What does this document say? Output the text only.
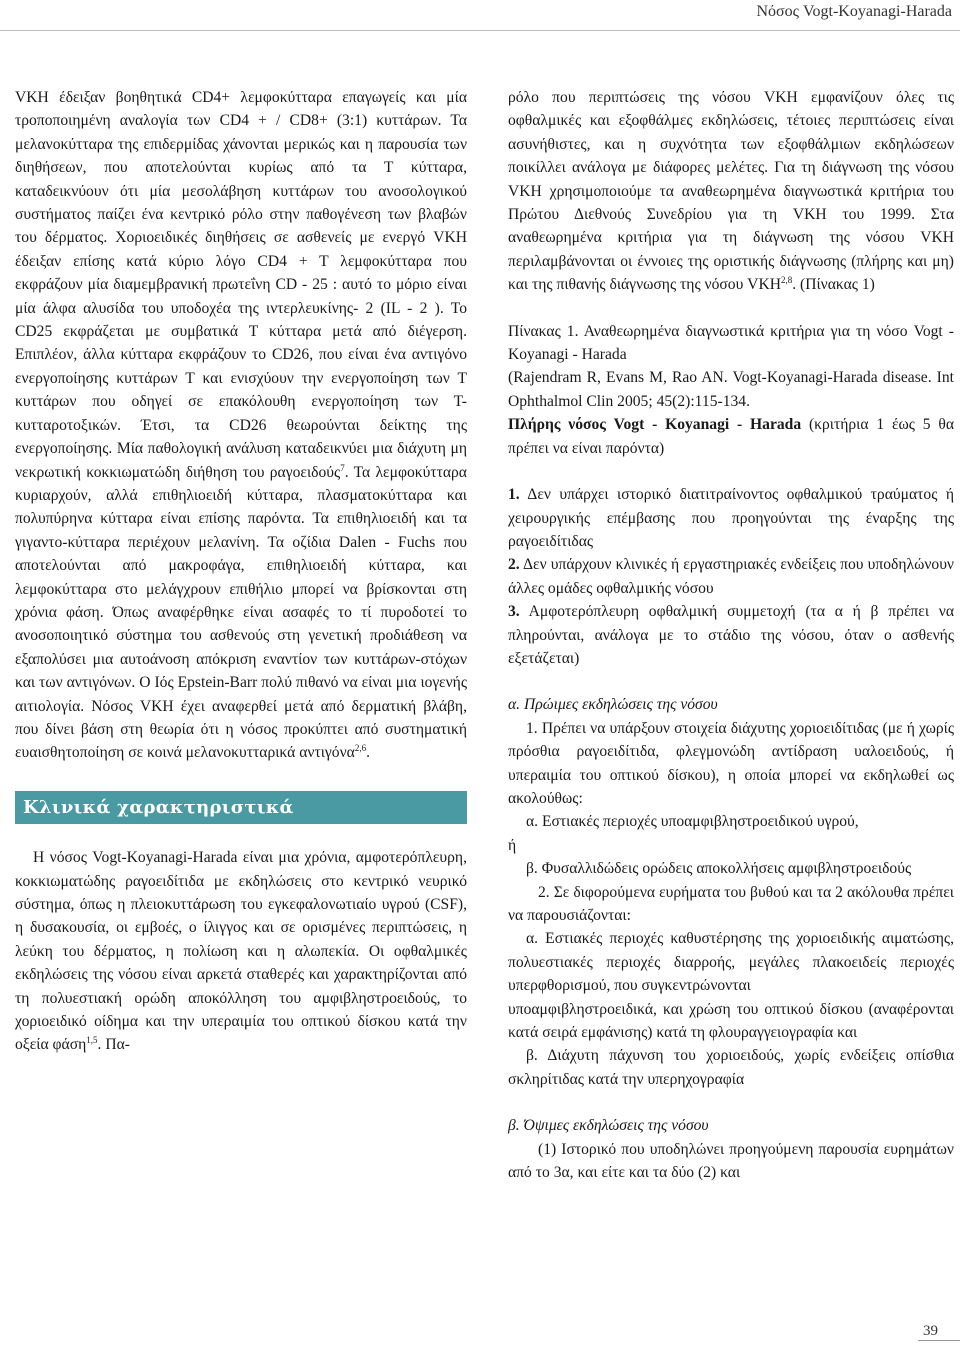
Νόσος Vogt-Koyanagi-Harada

VKH έδειξαν βοηθητικά CD4+ λεμφοκύτταρα επαγωγείς και μία τροποποιημένη αναλογία των CD4 + / CD8+ (3:1) κυττάρων. Τα μελανοκύτταρα της επιδερμίδας χάνονται μερικώς και η παρουσία των διηθήσεων, που αποτελούνται κυρίως από τα Τ κύτταρα, καταδεικνύουν ότι μία μεσολάβηση κυττάρων του ανοσολογικού συστήματος παίζει ένα κεντρικό ρόλο στην παθογένεση των βλαβών του δέρματος. Χοριοειδικές διηθήσεις σε ασθενείς με ενεργό VKH έδειξαν επίσης κατά κύριο λόγο CD4 + T λεμφοκύτταρα που εκφράζουν μία διαμεμβρανική πρωτεΐνη CD - 25 : αυτό το μόριο είναι μία άλφα αλυσίδα του υποδοχέα της ιντερλευκίνης- 2 (IL - 2 ). Το CD25 εκφράζεται με συμβατικά Τ κύτταρα μετά από διέγερση. Επιπλέον, άλλα κύτταρα εκφράζουν το CD26, που είναι ένα αντιγόνο ενεργοποίησης κυττάρων Τ και ενισχύουν την ενεργοποίηση των Τ κυττάρων που οδηγεί σε επακόλουθη ενεργοποίηση των Τ-κυτταροτοξικών. Έτσι, τα CD26 θεωρούνται δείκτης της ενεργοποίησης. Μία παθολογική ανάλυση καταδεικνύει μια διάχυτη μη νεκρωτική κοκκιωματώδη διήθηση του ραγοειδούς$^7$. Τα λεμφοκύτταρα κυριαρχούν, αλλά επιθηλιοειδή κύτταρα, πλασματοκύτταρα και πολυπύρηνα κύτταρα είναι επίσης παρόντα. Τα επιθηλιοειδή και τα γιγαντο-κύτταρα περιέχουν μελανίνη. Τα οζίδια Dalen - Fuchs που αποτελούνται από μακροφάγα, επιθηλιοειδή κύτταρα, και λεμφοκύτταρα στο μελάγχρουν επιθήλιο μπορεί να βρίσκονται στη χρόνια φάση. Όπως αναφέρθηκε είναι ασαφές το τί πυροδοτεί το ανοσοποιητικό σύστημα του ασθενούς στη γενετική προδιάθεση να εξαπολύσει μια αυτοάνοση απόκριση εναντίον των κυττάρων-στόχων και των αντιγόνων. Ο Ιός Epstein-Barr πολύ πιθανό να είναι μια ιογενής αιτιολογία. Νόσος VKH έχει αναφερθεί μετά από δερματική βλάβη, που δίνει βάση στη θεωρία ότι η νόσος προκύπτει από συστηματική ευαισθητοποίηση σε κοινά μελανοκυτταρικά αντιγόνα$^{2,6}$.

Κλινικά χαρακτηριστικά

Η νόσος Vogt-Koyanagi-Harada είναι μια χρόνια, αμφοτερόπλευρη, κοκκιωματώδης ραγοειδίτιδα με εκδηλώσεις στο κεντρικό νευρικό σύστημα, όπως η πλειοκυττάρωση του εγκεφαλονωτιαίο υγρού (CSF), η δυσακουσία, οι εμβοές, ο ίλιγγος και σε ορισμένες περιπτώσεις, η λεύκη του δέρματος, η πολίωση και η αλωπεκία. Οι οφθαλμικές εκδηλώσεις της νόσου είναι αρκετά σταθερές και χαρακτηρίζονται από τη πολυεστιακή ορώδη αποκόλληση του αμφιβληστροειδούς, το χοριοειδικό οίδημα και την υπεραιμία του οπτικού δίσκου κατά την οξεία φάση$^{1,5}$. Πα-

ρόλο που περιπτώσεις της νόσου VKH εμφανίζουν όλες τις οφθαλμικές και εξοφθάλμες εκδηλώσεις, τέτοιες περιπτώσεις είναι ασυνήθιστες, και η συχνότητα των εξοφθάλμιων εκδηλώσεων ποικίλλει ανάλογα με διάφορες μελέτες. Για τη διάγνωση της νόσου VKH χρησιμοποιούμε τα αναθεωρημένα διαγνωστικά κριτήρια του Πρώτου Διεθνούς Συνεδρίου για τη VKH του 1999. Στα αναθεωρημένα κριτήρια για τη διάγνωση της νόσου VKH περιλαμβάνονται οι έννοιες της οριστικής διάγνωσης (πλήρης και μη) και της πιθανής διάγνωσης της νόσου VKH$^{2,8}$. (Πίνακας 1)

Πίνακας 1. Αναθεωρημένα διαγνωστικά κριτήρια για τη νόσο Vogt - Koyanagi - Harada

(Rajendram R, Evans M, Rao AN. Vogt-Koyanagi-Harada disease. Int Ophthalmol Clin 2005; 45(2):115-134.

Πλήρης νόσος Vogt - Koyanagi - Harada (κριτήρια 1 έως 5 θα πρέπει να είναι παρόντα)

1. Δεν υπάρχει ιστορικό διατιτραίνοντος οφθαλμικού τραύματος ή χειρουργικής επέμβασης που προηγούνται της έναρξης της ραγοειδίτιδας

2. Δεν υπάρχουν κλινικές ή εργαστηριακές ενδείξεις που υποδηλώνουν άλλες ομάδες οφθαλμικής νόσου

3. Αμφοτερόπλευρη οφθαλμική συμμετοχή (τα α ή β πρέπει να πληρούνται, ανάλογα με το στάδιο της νόσου, όταν ο ασθενής εξετάζεται)

α. Πρώιμες εκδηλώσεις της νόσου

1. Πρέπει να υπάρξουν στοιχεία διάχυτης χοριοειδίτιδας (με ή χωρίς πρόσθια ραγοειδίτιδα, φλεγμονώδη αντίδραση υαλοειδούς, ή υπεραιμία του οπτικού δίσκου), η οποία μπορεί να εκδηλωθεί ως ακολούθως:

α. Εστιακές περιοχές υποαμφιβληστροειδικού υγρού,

ή

β. Φυσαλλιδώδεις ορώδεις αποκολλήσεις αμφιβληστροειδούς

2. Σε διφορούμενα ευρήματα του βυθού και τα 2 ακόλουθα πρέπει να παρουσιάζονται:

α. Εστιακές περιοχές καθυστέρησης της χοριοειδικής αιματώσης, πολυεστιακές περιοχές διαρροής, μεγάλες πλακοειδείς περιοχές υπερφθορισμού, που συγκεντρώνονται

υποαμφιβληστροειδικά, και χρώση του οπτικού δίσκου (αναφέρονται κατά σειρά εμφάνισης) κατά τη φλουραγγειογραφία και

β. Διάχυτη πάχυνση του χοριοειδούς, χωρίς ενδείξεις οπίσθια σκληρίτιδας κατά την υπερηχογραφία

β. Όψιμες εκδηλώσεις της νόσου

(1) Ιστορικό που υποδηλώνει προηγούμενη παρουσία ευρημάτων από το 3α, και είτε και τα δύο (2) και

39
